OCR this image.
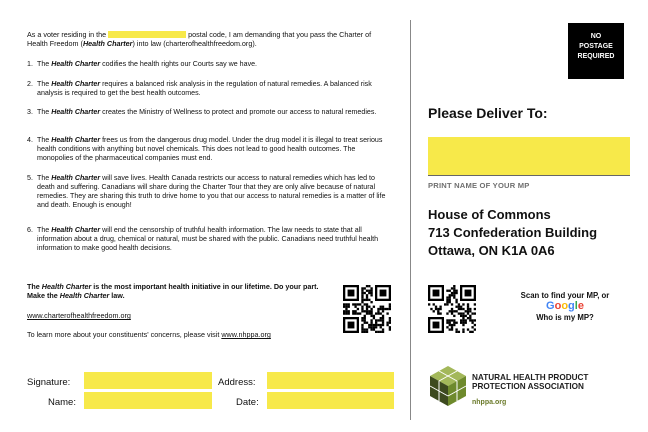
As a voter residing in the	postal code, I am demanding that you pass the Charter of Health Freedom (Health Charter) into law (charterofhealthfreedom.org).
1. The Health Charter codifies the health rights our Courts say we have.
2. The Health Charter requires a balanced risk analysis in the regulation of natural remedies. A balanced risk analysis is required to get the best health outcomes.
3. The Health Charter creates the Ministry of Wellness to protect and promote our access to natural remedies.
4. The Health Charter frees us from the dangerous drug model. Under the drug model it is illegal to treat serious health conditions with anything but novel chemicals. This does not lead to good health outcomes. The monopolies of the pharmaceutical companies must end.
5. The Health Charter will save lives. Health Canada restricts our access to natural remedies which has led to death and suffering. Canadians will share during the Charter Tour that they are only alive because of natural remedies. They are sharing this truth to drive home to you that our access to natural remedies is a matter of life and death. Enough is enough!
6. The Health Charter will end the censorship of truthful health information. The law needs to state that all information about a drug, chemical or natural, must be shared with the public. Canadians need truthful health information to make good health decisions.
The Health Charter is the most important health initiative in our lifetime. Do your part. Make the Health Charter law.
www.charterofhealthfreedom.org
To learn more about your constituents' concerns, please visit www.nhppa.org
Signature:
Name:
Address:
Date:
NO
POSTAGE
REQUIRED
Please Deliver To:
PRINT NAME OF YOUR MP
House of Commons
713 Confederation Building
Ottawa, ON K1A 0A6
Scan to find your MP, or
Google
Who is my MP?
NATURAL HEALTH PRODUCT
PROTECTION ASSOCIATION
nhppa.org
